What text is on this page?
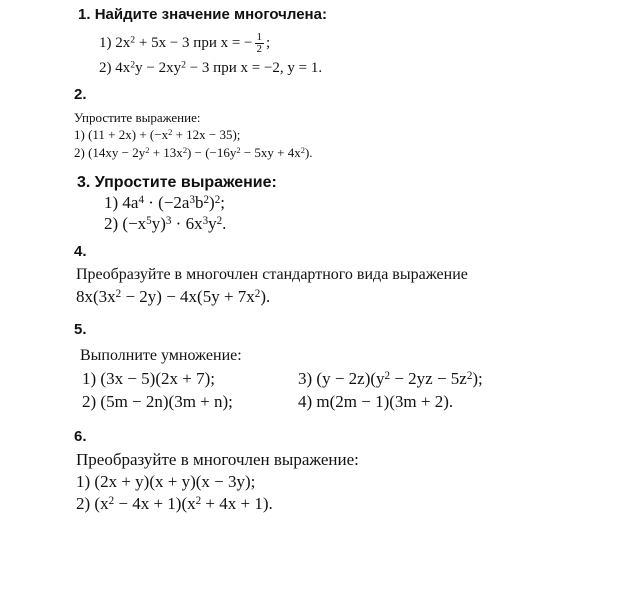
1. Найдите значение многочлена:
1) $2x^2 + 5x - 3$ при x = − $\frac{1}{2}$ ;
2) $4x^2y - 2xy^2 - 3$ при x = −2, y = 1.
2.
Упростите выражение:
1) $(11 + 2x) + (-x^2 + 12x - 35)$;
2) $(14xy - 2y^2 + 13x^2) - (-16y^2 - 5xy + 4x^2)$.
3. Упростите выражение:
1) $4a^4 \cdot (-2a^3b^2)^2$;
2) $(-x^5y)^3 \cdot 6x^3y^2$.
4.
Преобразуйте в многочлен стандартного вида выражение
$8x(3x^2 - 2y) - 4x(5y + 7x^2)$.
5.
Выполните умножение:
1) (3x − 5)(2x + 7);
2) (5m − 2n)(3m + n);
3) $(y - 2z)(y^2 - 2yz - 5z^2)$;
4) m(2m − 1)(3m + 2).
6.
Преобразуйте в многочлен выражение:
1) (2x + y)(x + y)(x − 3y);
2) $(x^2 - 4x + 1)(x^2 + 4x + 1)$.
